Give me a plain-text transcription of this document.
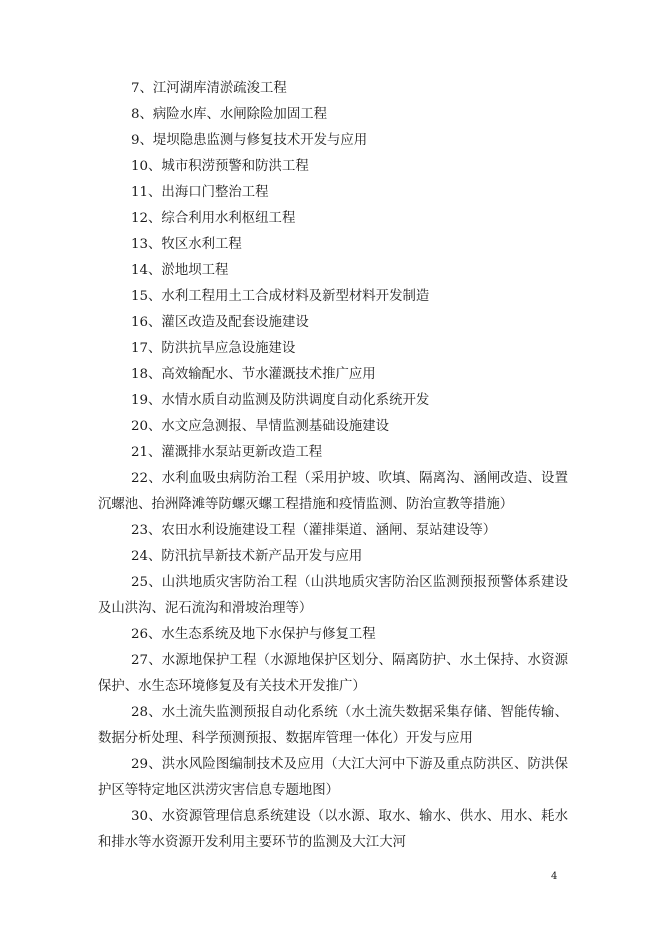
7、江河湖库清淤疏浚工程

8、病险水库、水闸除险加固工程

9、堤坝隐患监测与修复技术开发与应用

10、城市积涝预警和防洪工程

11、出海口门整治工程

12、综合利用水利枢纽工程

13、牧区水利工程

14、淤地坝工程

15、水利工程用土工合成材料及新型材料开发制造

16、灌区改造及配套设施建设

17、防洪抗旱应急设施建设

18、高效输配水、节水灌溉技术推广应用

19、水情水质自动监测及防洪调度自动化系统开发

20、水文应急测报、旱情监测基础设施建设

21、灌溉排水泵站更新改造工程

22、水利血吸虫病防治工程（采用护坡、吹填、隔离沟、涵闸改造、设置沉螺池、抬洲降滩等防螺灭螺工程措施和疫情监测、防治宣教等措施）

23、农田水利设施建设工程（灌排渠道、涵闸、泵站建设等）

24、防汛抗旱新技术新产品开发与应用

25、山洪地质灾害防治工程（山洪地质灾害防治区监测预报预警体系建设及山洪沟、泥石流沟和滑坡治理等）

26、水生态系统及地下水保护与修复工程

27、水源地保护工程（水源地保护区划分、隔离防护、水土保持、水资源保护、水生态环境修复及有关技术开发推广）

28、水土流失监测预报自动化系统（水土流失数据采集存储、智能传输、数据分析处理、科学预测预报、数据库管理一体化）开发与应用

29、洪水风险图编制技术及应用（大江大河中下游及重点防洪区、防洪保护区等特定地区洪涝灾害信息专题地图）

30、水资源管理信息系统建设（以水源、取水、输水、供水、用水、耗水和排水等水资源开发利用主要环节的监测及大江大河

4
